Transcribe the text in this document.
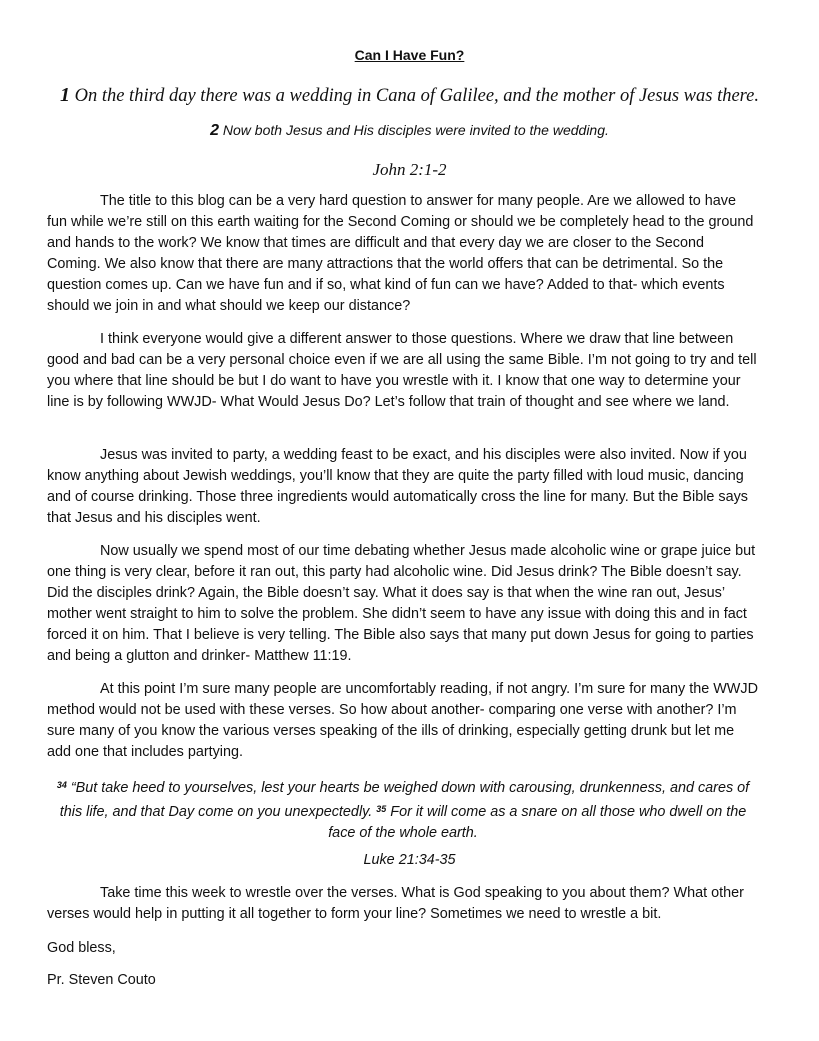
Can I Have Fun?
1 On the third day there was a wedding in Cana of Galilee, and the mother of Jesus was there.
2 Now both Jesus and His disciples were invited to the wedding.
John 2:1-2

The title to this blog can be a very hard question to answer for many people. Are we allowed to have fun while we’re still on this earth waiting for the Second Coming or should we be completely head to the ground and hands to the work? We know that times are difficult and that every day we are closer to the Second Coming. We also know that there are many attractions that the world offers that can be detrimental. So the question comes up. Can we have fun and if so, what kind of fun can we have? Added to that- which events should we join in and what should we keep our distance?

I think everyone would give a different answer to those questions. Where we draw that line between good and bad can be a very personal choice even if we are all using the same Bible. I’m not going to try and tell you where that line should be but I do want to have you wrestle with it. I know that one way to determine your line is by following WWJD- What Would Jesus Do? Let’s follow that train of thought and see where we land.

Jesus was invited to party, a wedding feast to be exact, and his disciples were also invited. Now if you know anything about Jewish weddings, you’ll know that they are quite the party filled with loud music, dancing and of course drinking. Those three ingredients would automatically cross the line for many. But the Bible says that Jesus and his disciples went.

Now usually we spend most of our time debating whether Jesus made alcoholic wine or grape juice but one thing is very clear, before it ran out, this party had alcoholic wine. Did Jesus drink? The Bible doesn’t say. Did the disciples drink? Again, the Bible doesn’t say. What it does say is that when the wine ran out, Jesus’ mother went straight to him to solve the problem. She didn’t seem to have any issue with doing this and in fact forced it on him. That I believe is very telling. The Bible also says that many put down Jesus for going to parties and being a glutton and drinker- Matthew 11:19.

At this point I’m sure many people are uncomfortably reading, if not angry. I’m sure for many the WWJD method would not be used with these verses. So how about another- comparing one verse with another? I’m sure many of you know the various verses speaking of the ills of drinking, especially getting drunk but let me add one that includes partying.

$^{34}$ “But take heed to yourselves, lest your hearts be weighed down with carousing, drunkenness, and cares of this life, and that Day come on you unexpectedly. $^{35}$ For it will come as a snare on all those who dwell on the face of the whole earth.

Luke 21:34-35

Take time this week to wrestle over the verses. What is God speaking to you about them? What other verses would help in putting it all together to form your line? Sometimes we need to wrestle a bit.

God bless,
Pr. Steven Couto
